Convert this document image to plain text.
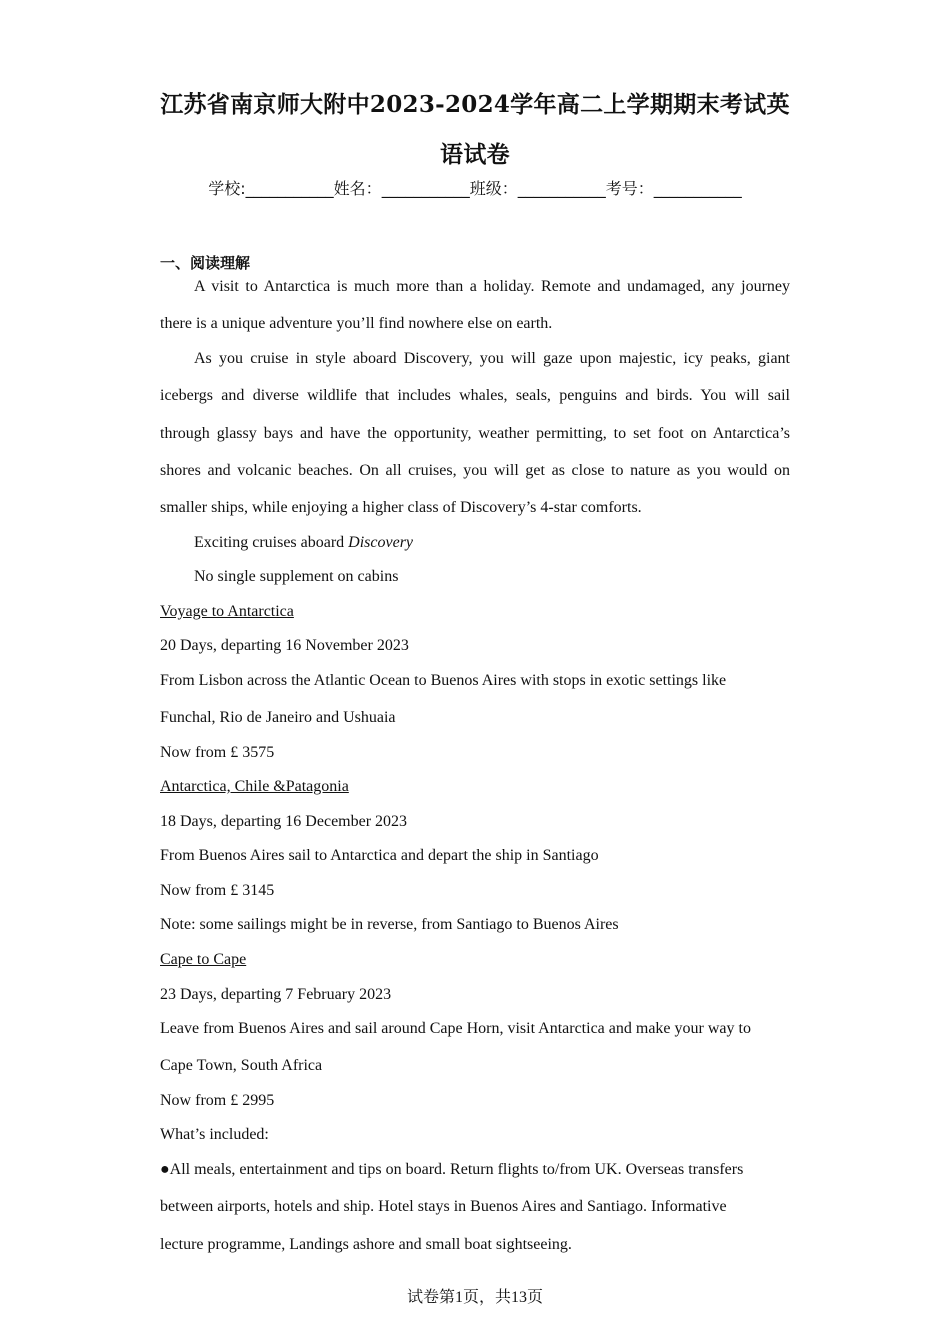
江苏省南京师大附中2023-2024学年高二上学期期末考试英
语试卷
学校:___________姓名：___________班级：___________考号：___________
一、阅读理解
A visit to Antarctica is much more than a holiday. Remote and undamaged, any journey
there is a unique adventure you’ll find nowhere else on earth.
As you cruise in style aboard Discovery, you will gaze upon majestic, icy peaks, giant
icebergs and diverse wildlife that includes whales, seals, penguins and birds. You will sail
through glassy bays and have the opportunity, weather permitting, to set foot on Antarctica’s
shores and volcanic beaches. On all cruises, you will get as close to nature as you would on
smaller ships, while enjoying a higher class of Discovery’s 4-star comforts.
Exciting cruises aboard Discovery
No single supplement on cabins
Voyage to Antarctica
20 Days, departing 16 November 2023
From Lisbon across the Atlantic Ocean to Buenos Aires with stops in exotic settings like
Funchal, Rio de Janeiro and Ushuaia
Now from £ 3575
Antarctica, Chile &Patagonia
18 Days, departing 16 December 2023
From Buenos Aires sail to Antarctica and depart the ship in Santiago
Now from £ 3145
Note: some sailings might be in reverse, from Santiago to Buenos Aires
Cape to Cape
23 Days, departing 7 February 2023
Leave from Buenos Aires and sail around Cape Horn, visit Antarctica and make your way to
Cape Town, South Africa
Now from £ 2995
What’s included:
●All meals, entertainment and tips on board. Return flights to/from UK. Overseas transfers
between airports, hotels and ship. Hotel stays in Buenos Aires and Santiago. Informative
lecture programme, Landings ashore and small boat sightseeing.
试卷第1页，共13页
